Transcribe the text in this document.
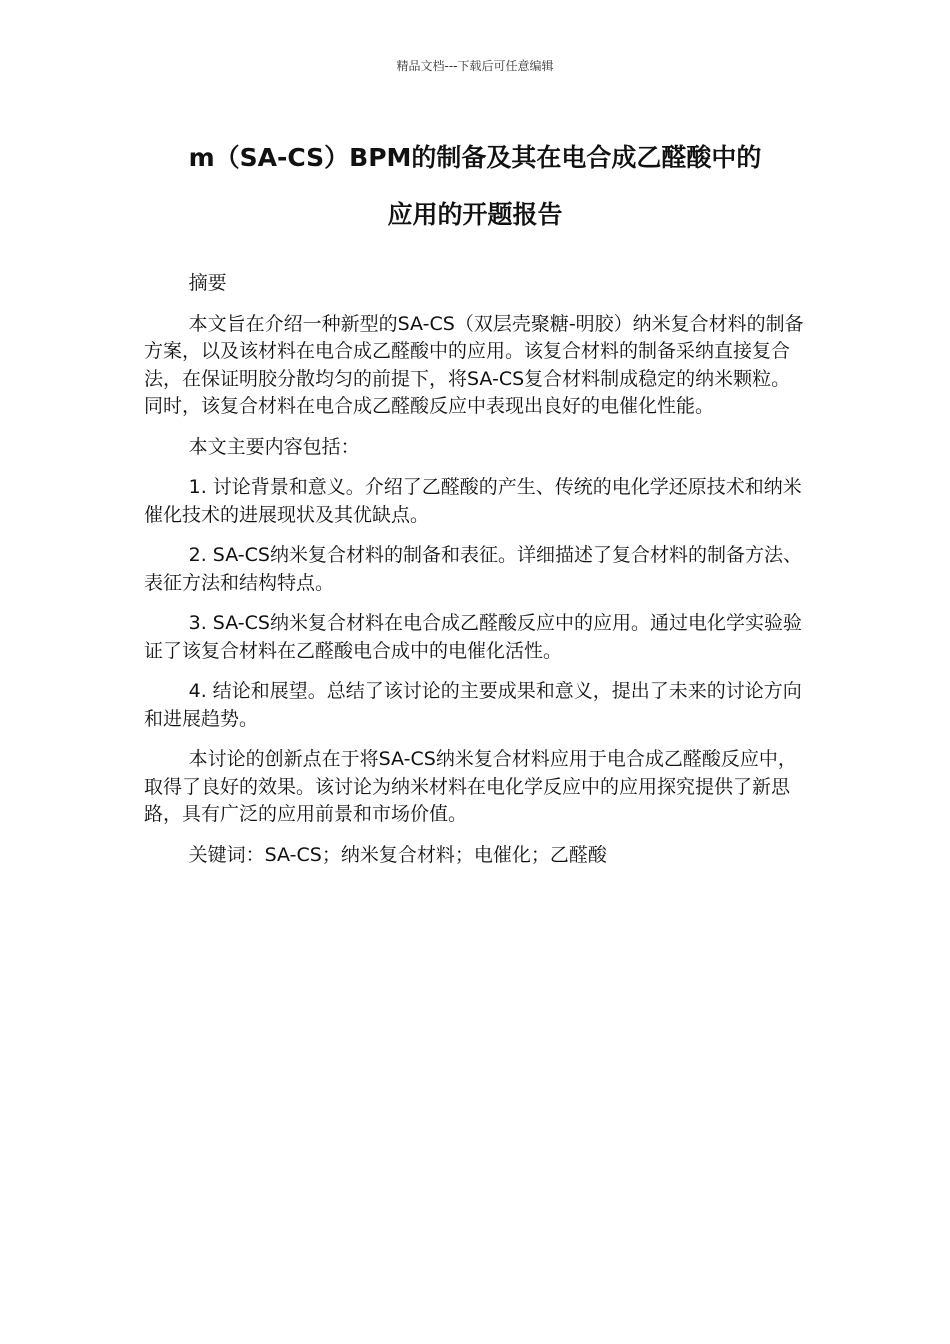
精品文档---下载后可任意编辑
m（SA-CS）BPM的制备及其在电合成乙醛酸中的
应用的开题报告

摘要

本文旨在介绍一种新型的SA-CS（双层壳聚糖-明胶）纳米复合材料的制备方案，以及该材料在电合成乙醛酸中的应用。该复合材料的制备采纳直接复合法，在保证明胶分散均匀的前提下，将SA-CS复合材料制成稳定的纳米颗粒。同时，该复合材料在电合成乙醛酸反应中表现出良好的电催化性能。

本文主要内容包括：

1. 讨论背景和意义。介绍了乙醛酸的产生、传统的电化学还原技术和纳米催化技术的进展现状及其优缺点。

2. SA-CS纳米复合材料的制备和表征。详细描述了复合材料的制备方法、表征方法和结构特点。

3. SA-CS纳米复合材料在电合成乙醛酸反应中的应用。通过电化学实验验证了该复合材料在乙醛酸电合成中的电催化活性。

4. 结论和展望。总结了该讨论的主要成果和意义，提出了未来的讨论方向和进展趋势。

本讨论的创新点在于将SA-CS纳米复合材料应用于电合成乙醛酸反应中，取得了良好的效果。该讨论为纳米材料在电化学反应中的应用探究提供了新思路，具有广泛的应用前景和市场价值。

关键词：SA-CS；纳米复合材料；电催化；乙醛酸
